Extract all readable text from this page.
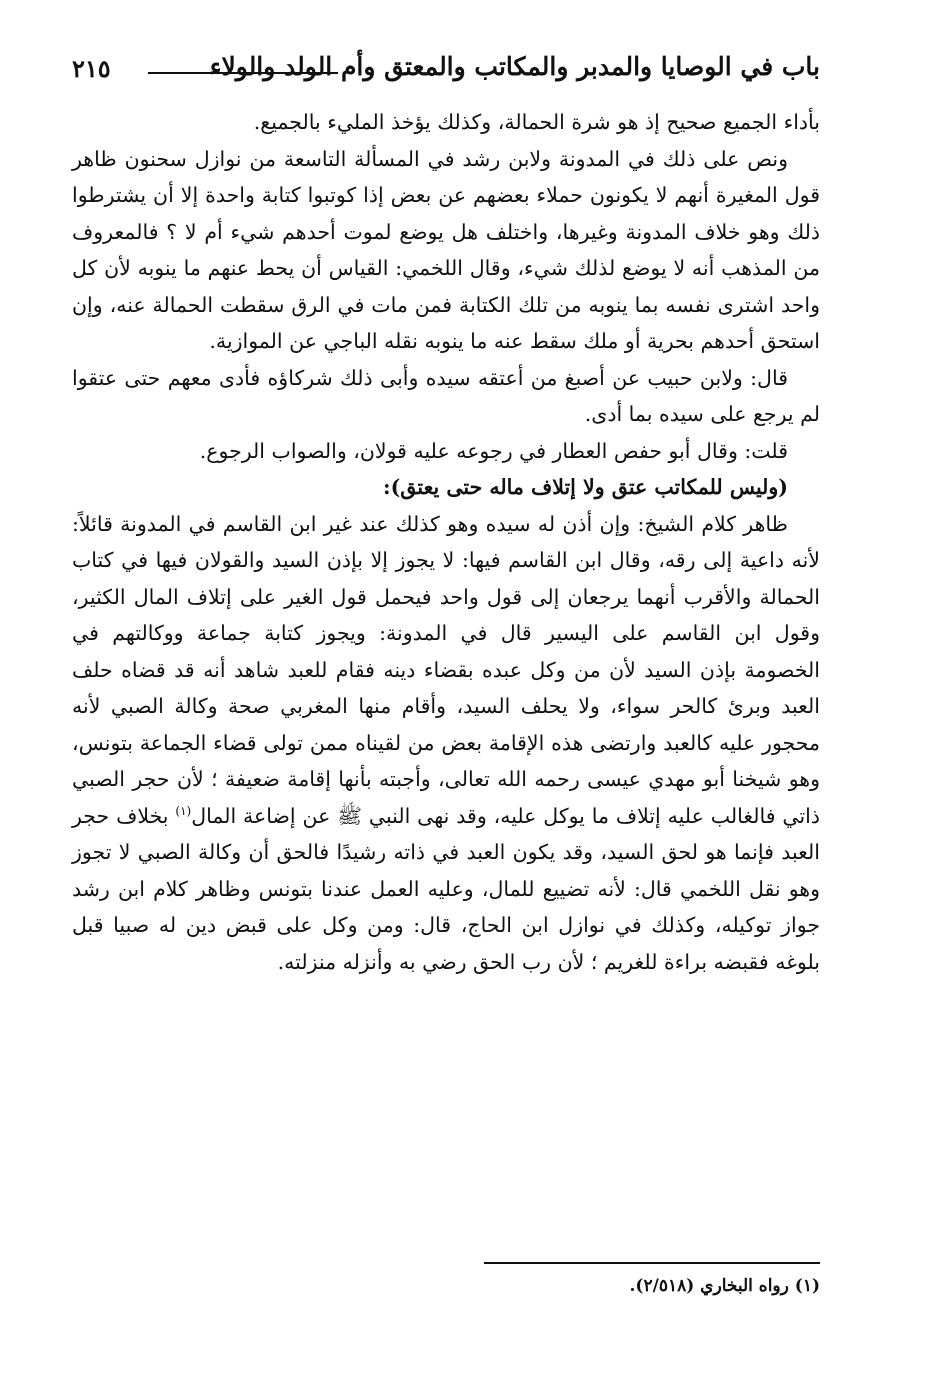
٢١٥	باب في الوصايا والمدبر والمكاتب والمعتق وأم الولد والولاء

بأداء الجميع صحيح إذ هو شرة الحمالة، وكذلك يؤخذ المليء بالجميع.

ونص على ذلك في المدونة ولابن رشد في المسألة التاسعة من نوازل سحنون ظاهر قول المغيرة أنهم لا يكونون حملاء بعضهم عن بعض إذا كوتبوا كتابة واحدة إلا أن يشترطوا ذلك وهو خلاف المدونة وغيرها، واختلف هل يوضع لموت أحدهم شيء أم لا ؟ فالمعروف من المذهب أنه لا يوضع لذلك شيء، وقال اللخمي: القياس أن يحط عنهم ما ينوبه لأن كل واحد اشترى نفسه بما ينوبه من تلك الكتابة فمن مات في الرق سقطت الحمالة عنه، وإن استحق أحدهم بحرية أو ملك سقط عنه ما ينوبه نقله الباجي عن الموازية.

قال: ولابن حبيب عن أصبغ من أعتقه سيده وأبى ذلك شركاؤه فأدى معهم حتى عتقوا لم يرجع على سيده بما أدى.

قلت: وقال أبو حفص العطار في رجوعه عليه قولان، والصواب الرجوع.

(وليس للمكاتب عتق ولا إتلاف ماله حتى يعتق):

ظاهر كلام الشيخ: وإن أذن له سيده وهو كذلك عند غير ابن القاسم في المدونة قائلاً: لأنه داعية إلى رقه، وقال ابن القاسم فيها: لا يجوز إلا بإذن السيد والقولان فيها في كتاب الحمالة والأقرب أنهما يرجعان إلى قول واحد فيحمل قول الغير على إتلاف المال الكثير، وقول ابن القاسم على اليسير قال في المدونة: ويجوز كتابة جماعة ووكالتهم في الخصومة بإذن السيد لأن من وكل عبده بقضاء دينه فقام للعبد شاهد أنه قد قضاه حلف العبد وبرئ كالحر سواء، ولا يحلف السيد، وأقام منها المغربي صحة وكالة الصبي لأنه محجور عليه كالعبد وارتضى هذه الإقامة بعض من لقيناه ممن تولى قضاء الجماعة بتونس، وهو شيخنا أبو مهدي عيسى رحمه الله تعالى، وأجبته بأنها إقامة ضعيفة ؛ لأن حجر الصبي ذاتي فالغالب عليه إتلاف ما يوكل عليه، وقد نهى النبي ﷺ عن إضاعة المال$^{(١)}$ بخلاف حجر العبد فإنما هو لحق السيد، وقد يكون العبد في ذاته رشيدًا فالحق أن وكالة الصبي لا تجوز وهو نقل اللخمي قال: لأنه تضييع للمال، وعليه العمل عندنا بتونس وظاهر كلام ابن رشد جواز توكيله، وكذلك في نوازل ابن الحاج، قال: ومن وكل على قبض دين له صبيا قبل بلوغه فقبضه براءة للغريم ؛ لأن رب الحق رضي به وأنزله منزلته.

(١) رواه البخاري (٢/٥١٨).
